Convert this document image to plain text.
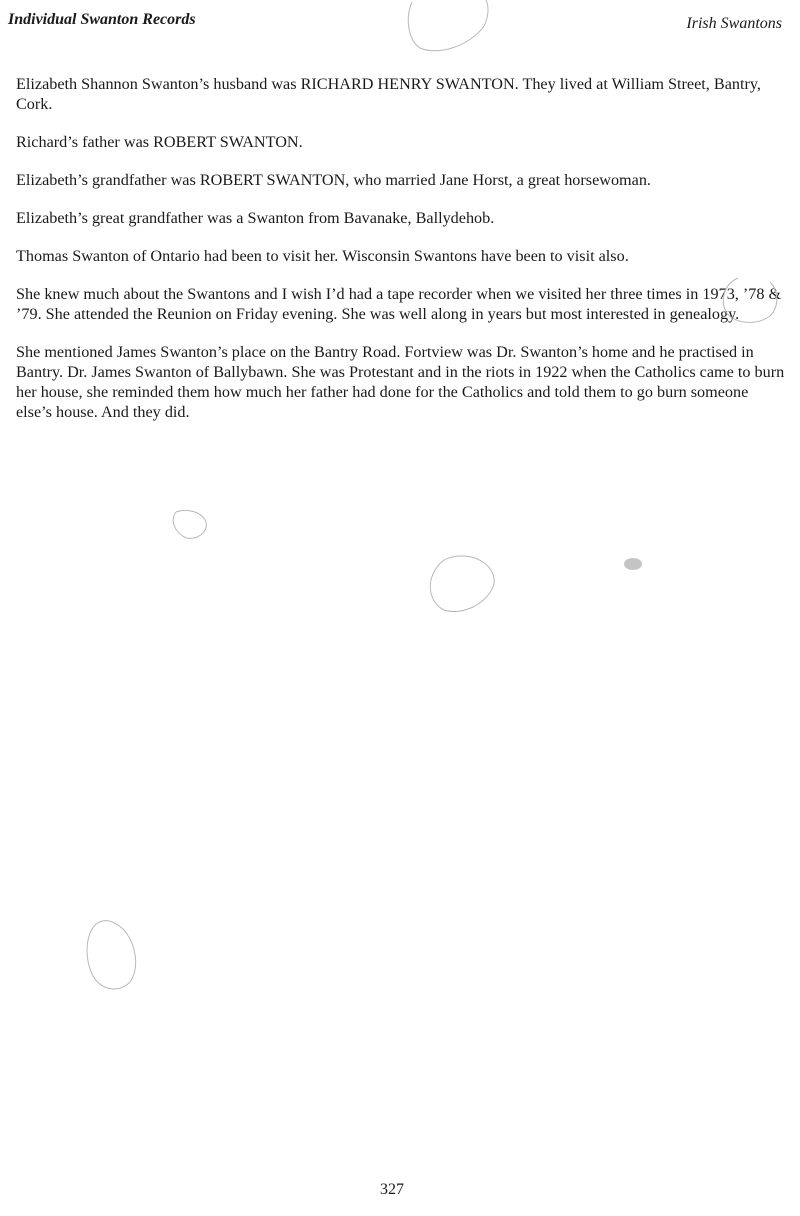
Individual Swanton Records	Irish Swantons

Elizabeth Shannon Swanton’s husband was RICHARD HENRY SWANTON. They lived at William Street, Bantry, Cork.

Richard’s father was ROBERT SWANTON.

Elizabeth’s grandfather was ROBERT SWANTON, who married Jane Horst, a great horsewoman.

Elizabeth’s great grandfather was a Swanton from Bavanake, Ballydehob.

Thomas Swanton of Ontario had been to visit her. Wisconsin Swantons have been to visit also.

She knew much about the Swantons and I wish I’d had a tape recorder when we visited her three times in 1973, ’78 & ’79. She attended the Reunion on Friday evening. She was well along in years but most interested in genealogy.

She mentioned James Swanton’s place on the Bantry Road. Fortview was Dr. Swanton’s home and he practised in Bantry. Dr. James Swanton of Ballybawn. She was Protestant and in the riots in 1922 when the Catholics came to burn her house, she reminded them how much her father had done for the Catholics and told them to go burn someone else’s house. And they did.

327
